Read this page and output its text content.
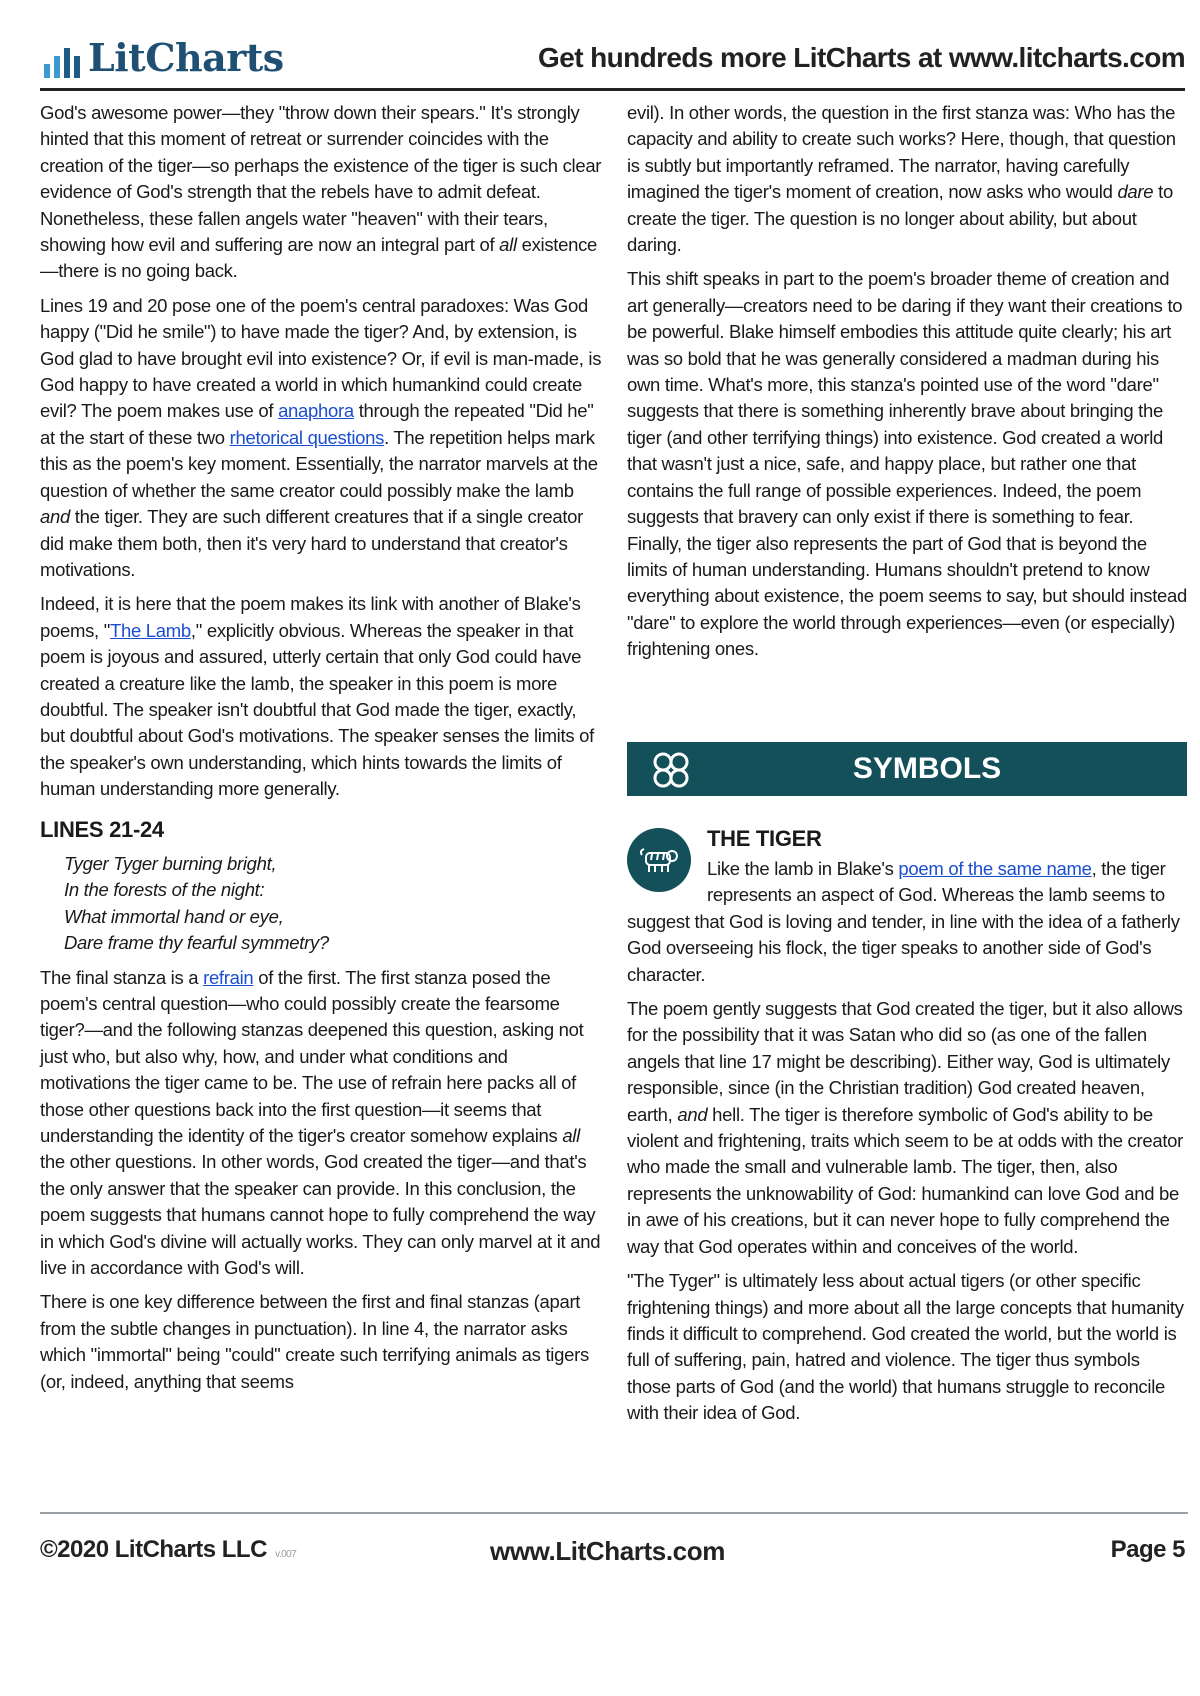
LitCharts	Get hundreds more LitCharts at www.litcharts.com

God's awesome power—they "throw down their spears." It's strongly hinted that this moment of retreat or surrender coincides with the creation of the tiger—so perhaps the existence of the tiger is such clear evidence of God's strength that the rebels have to admit defeat. Nonetheless, these fallen angels water "heaven" with their tears, showing how evil and suffering are now an integral part of all existence—there is no going back.

Lines 19 and 20 pose one of the poem's central paradoxes: Was God happy ("Did he smile") to have made the tiger? And, by extension, is God glad to have brought evil into existence? Or, if evil is man-made, is God happy to have created a world in which humankind could create evil? The poem makes use of anaphora through the repeated "Did he" at the start of these two rhetorical questions. The repetition helps mark this as the poem's key moment. Essentially, the narrator marvels at the question of whether the same creator could possibly make the lamb and the tiger. They are such different creatures that if a single creator did make them both, then it's very hard to understand that creator's motivations.

Indeed, it is here that the poem makes its link with another of Blake's poems, "The Lamb," explicitly obvious. Whereas the speaker in that poem is joyous and assured, utterly certain that only God could have created a creature like the lamb, the speaker in this poem is more doubtful. The speaker isn't doubtful that God made the tiger, exactly, but doubtful about God's motivations. The speaker senses the limits of the speaker's own understanding, which hints towards the limits of human understanding more generally.

LINES 21-24
Tyger Tyger burning bright,
In the forests of the night:
What immortal hand or eye,
Dare frame thy fearful symmetry?

The final stanza is a refrain of the first. The first stanza posed the poem's central question—who could possibly create the fearsome tiger?—and the following stanzas deepened this question, asking not just who, but also why, how, and under what conditions and motivations the tiger came to be. The use of refrain here packs all of those other questions back into the first question—it seems that understanding the identity of the tiger's creator somehow explains all the other questions. In other words, God created the tiger—and that's the only answer that the speaker can provide. In this conclusion, the poem suggests that humans cannot hope to fully comprehend the way in which God's divine will actually works. They can only marvel at it and live in accordance with God's will.

There is one key difference between the first and final stanzas (apart from the subtle changes in punctuation). In line 4, the narrator asks which "immortal" being "could" create such terrifying animals as tigers (or, indeed, anything that seems

evil). In other words, the question in the first stanza was: Who has the capacity and ability to create such works? Here, though, that question is subtly but importantly reframed. The narrator, having carefully imagined the tiger's moment of creation, now asks who would dare to create the tiger. The question is no longer about ability, but about daring.

This shift speaks in part to the poem's broader theme of creation and art generally—creators need to be daring if they want their creations to be powerful. Blake himself embodies this attitude quite clearly; his art was so bold that he was generally considered a madman during his own time. What's more, this stanza's pointed use of the word "dare" suggests that there is something inherently brave about bringing the tiger (and other terrifying things) into existence. God created a world that wasn't just a nice, safe, and happy place, but rather one that contains the full range of possible experiences. Indeed, the poem suggests that bravery can only exist if there is something to fear. Finally, the tiger also represents the part of God that is beyond the limits of human understanding. Humans shouldn't pretend to know everything about existence, the poem seems to say, but should instead "dare" to explore the world through experiences—even (or especially) frightening ones.

SYMBOLS
THE TIGER

Like the lamb in Blake's poem of the same name, the tiger represents an aspect of God. Whereas the lamb seems to suggest that God is loving and tender, in line with the idea of a fatherly God overseeing his flock, the tiger speaks to another side of God's character.

The poem gently suggests that God created the tiger, but it also allows for the possibility that it was Satan who did so (as one of the fallen angels that line 17 might be describing). Either way, God is ultimately responsible, since (in the Christian tradition) God created heaven, earth, and hell. The tiger is therefore symbolic of God's ability to be violent and frightening, traits which seem to be at odds with the creator who made the small and vulnerable lamb. The tiger, then, also represents the unknowability of God: humankind can love God and be in awe of his creations, but it can never hope to fully comprehend the way that God operates within and conceives of the world.

"The Tyger" is ultimately less about actual tigers (or other specific frightening things) and more about all the large concepts that humanity finds it difficult to comprehend. God created the world, but the world is full of suffering, pain, hatred and violence. The tiger thus symbols those parts of God (and the world) that humans struggle to reconcile with their idea of God.

©2020 LitCharts LLC v.007	www.LitCharts.com	Page 5
